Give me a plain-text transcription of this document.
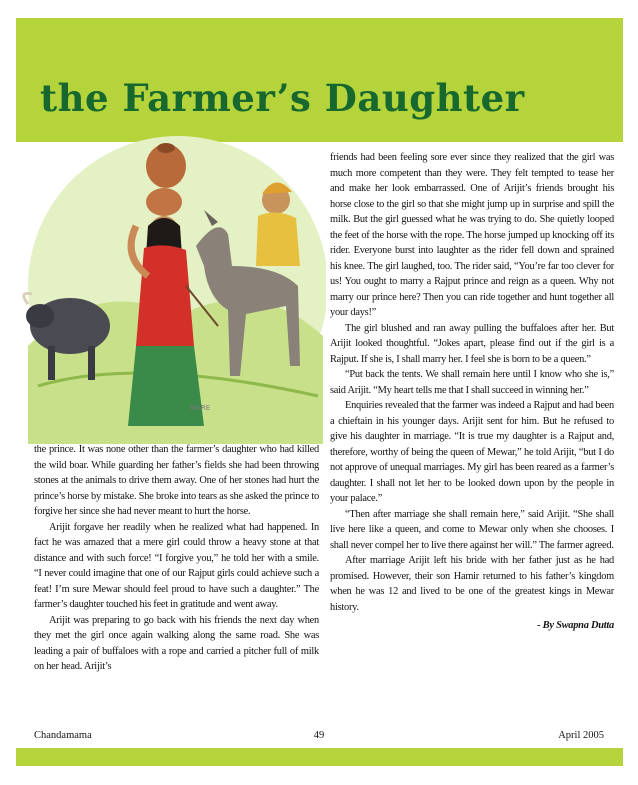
the Farmer’s Daughter
MARE

friends had been feeling sore ever since they realized that the girl was much more competent than they were. They felt tempted to tease her and make her look embarrassed. One of Arijit’s friends brought his horse close to the girl so that she might jump up in surprise and spill the milk. But the girl guessed what he was trying to do. She quietly looped the feet of the horse with the rope. The horse jumped up knocking off its rider. Everyone burst into laughter as the rider fell down and sprained his knee. The girl laughed, too. The rider said, “You’re far too clever for us! You ought to marry a Rajput prince and reign as a queen. Why not marry our prince here? Then you can ride together and hunt together all your days!”

The girl blushed and ran away pulling the buffaloes after her. But Arijit looked thoughtful. “Jokes apart, please find out if the girl is a Rajput. If she is, I shall marry her. I feel she is born to be a queen.”

“Put back the tents. We shall remain here until I know who she is,” said Arijit. “My heart tells me that I shall succeed in winning her.”

Enquiries revealed that the farmer was indeed a Rajput and had been a chieftain in his younger days. Arijit sent for him. But he refused to give his daughter in marriage. “It is true my daughter is a Rajput and, therefore, worthy of being the queen of Mewar,” he told Arijit, “but I do not approve of unequal marriages. My girl has been reared as a farmer’s daughter. I shall not let her to be looked down upon by the people in your palace.”

“Then after marriage she shall remain here,” said Arijit. “She shall live here like a queen, and come to Mewar only when she chooses. I shall never compel her to live there against her will.” The farmer agreed.

After marriage Arijit left his bride with her father just as he had promised. However, their son Hamir returned to his father’s kingdom when he was 12 and lived to be one of the greatest kings in Mewar history.

- By Swapna Dutta

the prince. It was none other than the farmer’s daughter who had killed the wild boar. While guarding her father’s fields she had been throwing stones at the animals to drive them away. One of her stones had hurt the prince’s horse by mistake. She broke into tears as she asked the prince to forgive her since she had never meant to hurt the horse.

Arijit forgave her readily when he realized what had happened. In fact he was amazed that a mere girl could throw a heavy stone at that distance and with such force! “I forgive you,” he told her with a smile. “I never could imagine that one of our Rajput girls could achieve such a feat! I’m sure Mewar should feel proud to have such a daughter.” The farmer’s daughter touched his feet in gratitude and went away.

Arijit was preparing to go back with his friends the next day when they met the girl once again walking along the same road. She was leading a pair of buffaloes with a rope and carried a pitcher full of milk on her head. Arijit’s

Chandamama	49	April 2005
